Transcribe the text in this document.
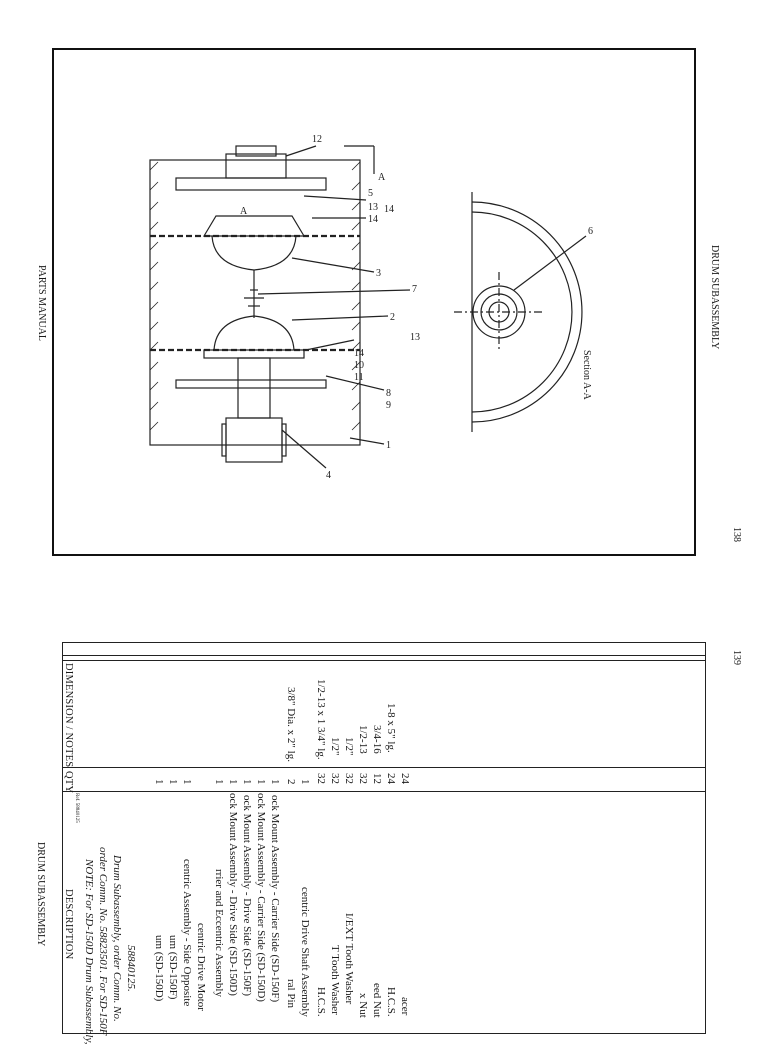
PARTS MANUAL	DRUM SUBASSEMBLY
138
12
5
13
14
3
7
2
13
14
10
11
8
9
1
4
6
14
A
A
Section A-A
DRUM SUBASSEMBLY
139
DESCRIPTION
QTY
DIMENSION / NOTES
Ref. 58840125
NOTE: For SD-150D Drum Subassembly, order Comm. No. 58823501. For SD-150F Drum Subassembly, order Comm. No. 58840125. um (SD-150D)
1
um (SD-150F)
1
centric Assembly - Side Opposite
1
centric Drive Motor rrier and Eccentric Assembly
1
ock Mount Assembly - Drive Side (SD-150D)
1
ock Mount Assembly - Drive Side (SD-150F)
1
ock Mount Assembly - Carrier Side (SD-150D)
1
ock Mount Assembly - Carrier Side (SD-150F)
1
ral Pin
2
3/8" Dia. x 2" lg.
centric Drive Shaft Assembly
1
H.C.S.
32
1/2-13 x 1 3/4" lg.
T Tooth Washer
32
1/2"
I/EXT Tooth Washer
32
1/2"
x Nut
32
1/2-13
eed Nut
12
3/4-16
H.C.S.
24
1-8 x 5" lg.
acer
24
